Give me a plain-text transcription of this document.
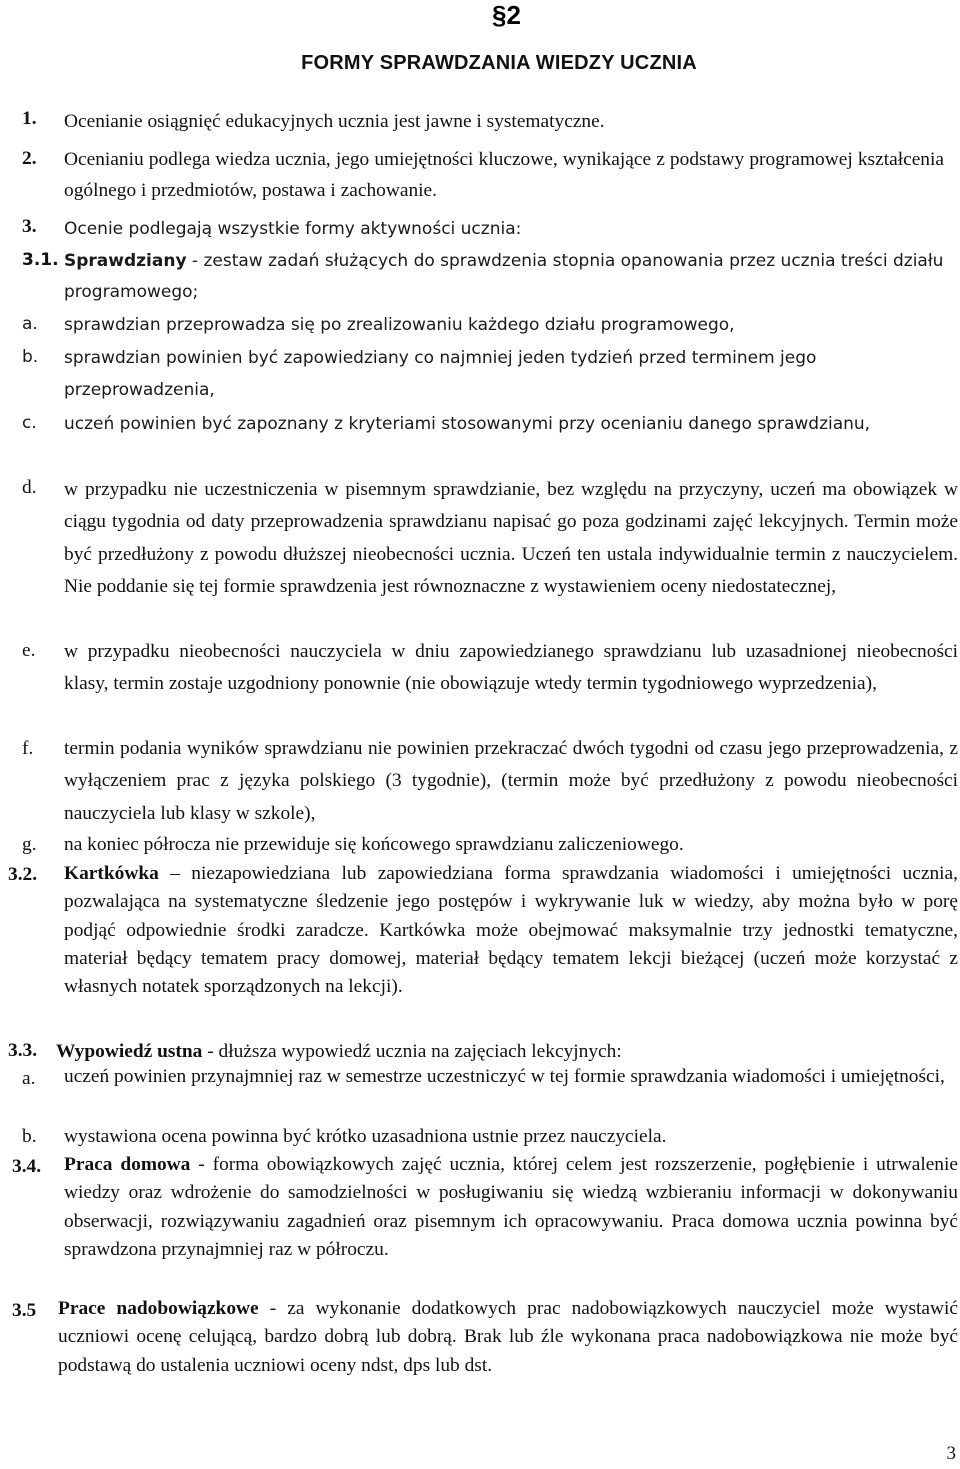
§2
FORMY SPRAWDZANIA WIEDZY UCZNIA
1. Ocenianie osiągnięć edukacyjnych ucznia jest jawne i systematyczne.
2. Ocenianiu podlega wiedza ucznia, jego umiejętności kluczowe, wynikające z podstawy programowej kształcenia ogólnego i przedmiotów, postawa i zachowanie.
3. Ocenie podlegają wszystkie formy aktywności ucznia:
3.1. Sprawdziany - zestaw zadań służących do sprawdzenia stopnia opanowania przez ucznia treści działu programowego;
a. sprawdzian przeprowadza się po zrealizowaniu każdego działu programowego,
b. sprawdzian powinien być zapowiedziany co najmniej jeden tydzień przed terminem jego przeprowadzenia,
c. uczeń powinien być zapoznany z kryteriami stosowanymi przy ocenianiu danego sprawdzianu,
d. w przypadku nie uczestniczenia w pisemnym sprawdzianie, bez względu na przyczyny, uczeń ma obowiązek w ciągu tygodnia od daty przeprowadzenia sprawdzianu napisać go poza godzinami zajęć lekcyjnych. Termin może być przedłużony z powodu dłuższej nieobecności ucznia. Uczeń ten ustala indywidualnie termin z nauczycielem. Nie poddanie się tej formie sprawdzenia jest równoznaczne z wystawieniem oceny niedostatecznej,
e. w przypadku nieobecności nauczyciela w dniu zapowiedzianego sprawdzianu lub uzasadnionej nieobecności klasy, termin zostaje uzgodniony ponownie (nie obowiązuje wtedy termin tygodniowego wyprzedzenia),
f. termin podania wyników sprawdzianu nie powinien przekraczać dwóch tygodni od czasu jego przeprowadzenia, z wyłączeniem prac z języka polskiego (3 tygodnie), (termin może być przedłużony z powodu nieobecności nauczyciela lub klasy w szkole),
g. na koniec półrocza nie przewiduje się końcowego sprawdzianu zaliczeniowego.
3.2. Kartkówka – niezapowiedziana lub zapowiedziana forma sprawdzania wiadomości i umiejętności ucznia, pozwalająca na systematyczne śledzenie jego postępów i wykrywanie luk w wiedzy, aby można było w porę podjąć odpowiednie środki zaradcze. Kartkówka może obejmować maksymalnie trzy jednostki tematyczne, materiał będący tematem pracy domowej, materiał będący tematem lekcji bieżącej (uczeń może korzystać z własnych notatek sporządzonych na lekcji).
3.3. Wypowiedź ustna - dłuższa wypowiedź ucznia na zajęciach lekcyjnych:
a. uczeń powinien przynajmniej raz w semestrze uczestniczyć w tej formie sprawdzania wiadomości i umiejętności,
b. wystawiona ocena powinna być krótko uzasadniona ustnie przez nauczyciela.
3.4. Praca domowa - forma obowiązkowych zajęć ucznia, której celem jest rozszerzenie, pogłębienie i utrwalenie wiedzy oraz wdrożenie do samodzielności w posługiwaniu się wiedzą wzbieraniu informacji w dokonywaniu obserwacji, rozwiązywaniu zagadnień oraz pisemnym ich opracowywaniu. Praca domowa ucznia powinna być sprawdzona przynajmniej raz w półroczu.
3.5 Prace nadobowiązkowe - za wykonanie dodatkowych prac nadobowiązkowych nauczyciel może wystawić uczniowi ocenę celującą, bardzo dobrą lub dobrą. Brak lub źle wykonana praca nadobowiązkowa nie może być podstawą do ustalenia uczniowi oceny ndst, dps lub dst.
3
